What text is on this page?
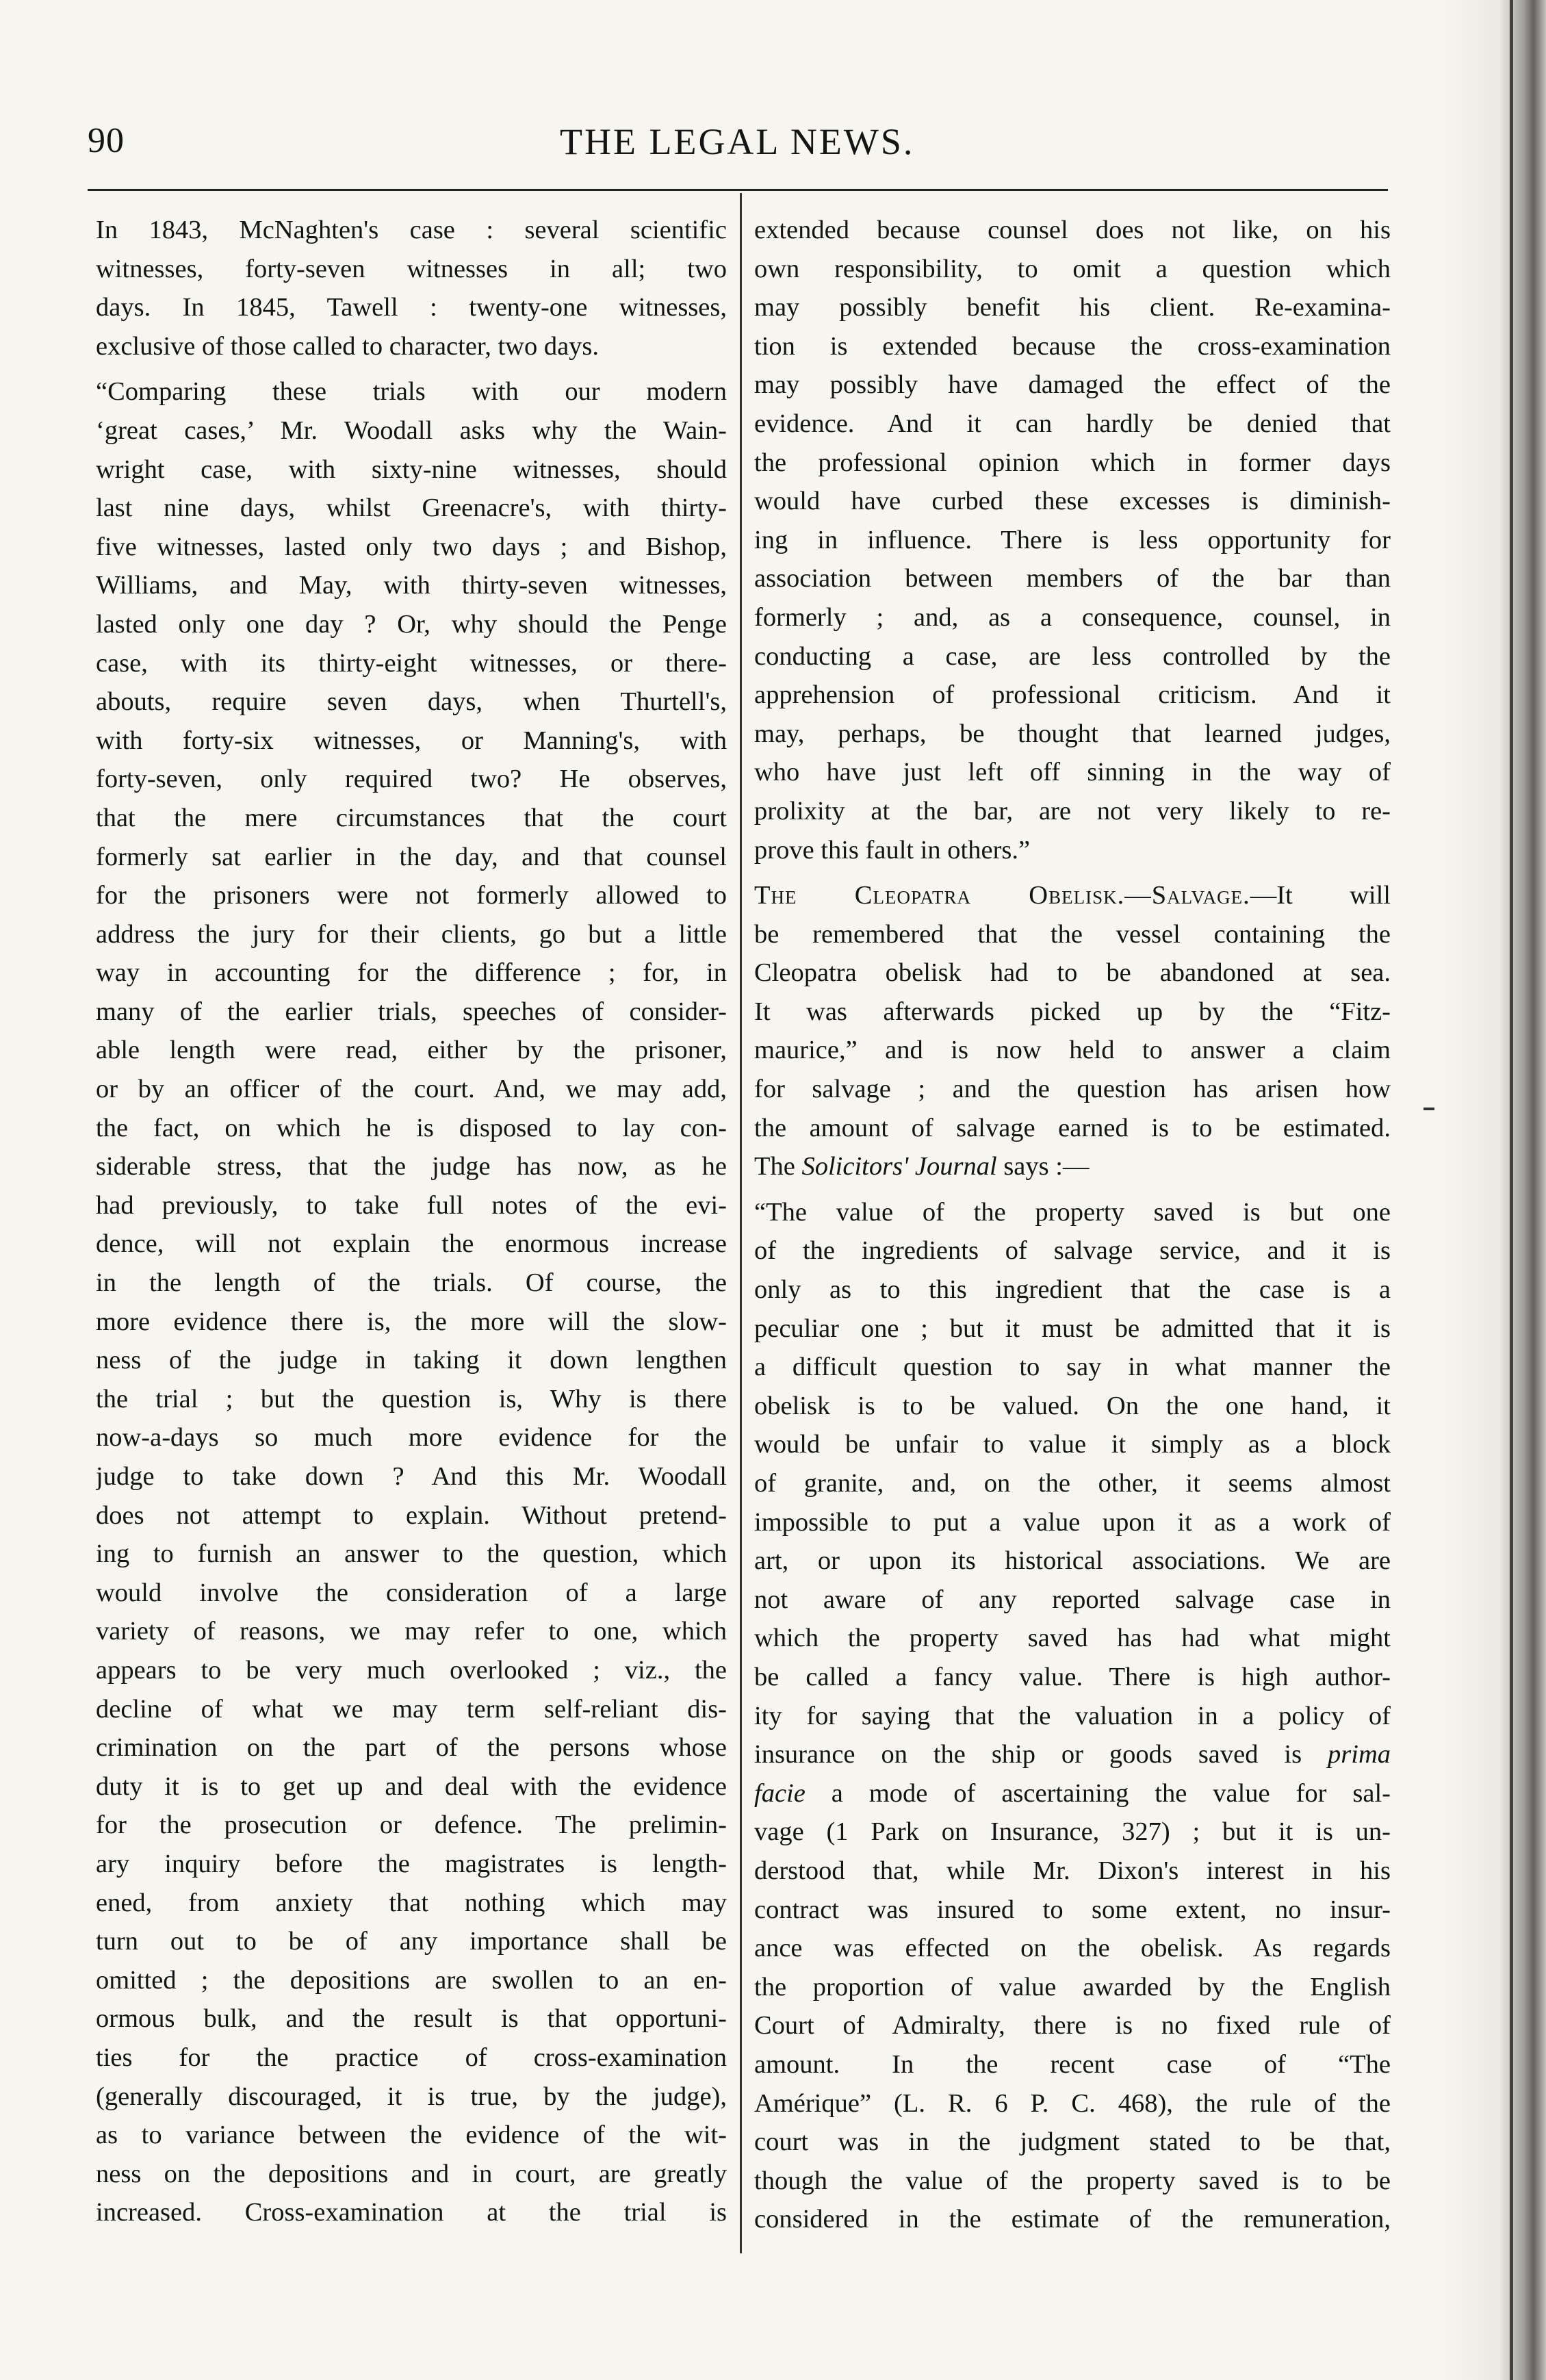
90	THE LEGAL NEWS.
In 1843, McNaghten's case : several scientific
witnesses, forty-seven witnesses in all; two
days. In 1845, Tawell : twenty-one witnesses,
exclusive of those called to character, two days.
“Comparing these trials with our modern
‘great cases,’ Mr. Woodall asks why the Wain-
wright case, with sixty-nine witnesses, should
last nine days, whilst Greenacre's, with thirty-
five witnesses, lasted only two days ; and Bishop,
Williams, and May, with thirty-seven witnesses,
lasted only one day ? Or, why should the Penge
case, with its thirty-eight witnesses, or there-
abouts, require seven days, when Thurtell's,
with forty-six witnesses, or Manning's, with
forty-seven, only required two? He observes,
that the mere circumstances that the court
formerly sat earlier in the day, and that counsel
for the prisoners were not formerly allowed to
address the jury for their clients, go but a little
way in accounting for the difference ; for, in
many of the earlier trials, speeches of consider-
able length were read, either by the prisoner,
or by an officer of the court. And, we may add,
the fact, on which he is disposed to lay con-
siderable stress, that the judge has now, as he
had previously, to take full notes of the evi-
dence, will not explain the enormous increase
in the length of the trials. Of course, the
more evidence there is, the more will the slow-
ness of the judge in taking it down lengthen
the trial ; but the question is, Why is there
now-a-days so much more evidence for the
judge to take down ? And this Mr. Woodall
does not attempt to explain. Without pretend-
ing to furnish an answer to the question, which
would involve the consideration of a large
variety of reasons, we may refer to one, which
appears to be very much overlooked ; viz., the
decline of what we may term self-reliant dis-
crimination on the part of the persons whose
duty it is to get up and deal with the evidence
for the prosecution or defence. The prelimin-
ary inquiry before the magistrates is length-
ened, from anxiety that nothing which may
turn out to be of any importance shall be
omitted ; the depositions are swollen to an en-
ormous bulk, and the result is that opportuni-
ties for the practice of cross-examination
(generally discouraged, it is true, by the judge),
as to variance between the evidence of the wit-
ness on the depositions and in court, are greatly
increased. Cross-examination at the trial is
extended because counsel does not like, on his
own responsibility, to omit a question which
may possibly benefit his client. Re-examina-
tion is extended because the cross-examination
may possibly have damaged the effect of the
evidence. And it can hardly be denied that
the professional opinion which in former days
would have curbed these excesses is diminish-
ing in influence. There is less opportunity for
association between members of the bar than
formerly ; and, as a consequence, counsel, in
conducting a case, are less controlled by the
apprehension of professional criticism. And it
may, perhaps, be thought that learned judges,
who have just left off sinning in the way of
prolixity at the bar, are not very likely to re-
prove this fault in others.”
The Cleopatra Obelisk.—Salvage.—It will
be remembered that the vessel containing the
Cleopatra obelisk had to be abandoned at sea.
It was afterwards picked up by the “Fitz-
maurice,” and is now held to answer a claim
for salvage ; and the question has arisen how
the amount of salvage earned is to be estimated.
The Solicitors' Journal says :—
“The value of the property saved is but one
of the ingredients of salvage service, and it is
only as to this ingredient that the case is a
peculiar one ; but it must be admitted that it is
a difficult question to say in what manner the
obelisk is to be valued. On the one hand, it
would be unfair to value it simply as a block
of granite, and, on the other, it seems almost
impossible to put a value upon it as a work of
art, or upon its historical associations. We are
not aware of any reported salvage case in
which the property saved has had what might
be called a fancy value. There is high author-
ity for saying that the valuation in a policy of
insurance on the ship or goods saved is prima
facie a mode of ascertaining the value for sal-
vage (1 Park on Insurance, 327) ; but it is un-
derstood that, while Mr. Dixon's interest in his
contract was insured to some extent, no insur-
ance was effected on the obelisk. As regards
the proportion of value awarded by the English
Court of Admiralty, there is no fixed rule of
amount. In the recent case of “The
Amérique” (L. R. 6 P. C. 468), the rule of the
court was in the judgment stated to be that,
though the value of the property saved is to be
considered in the estimate of the remuneration,
